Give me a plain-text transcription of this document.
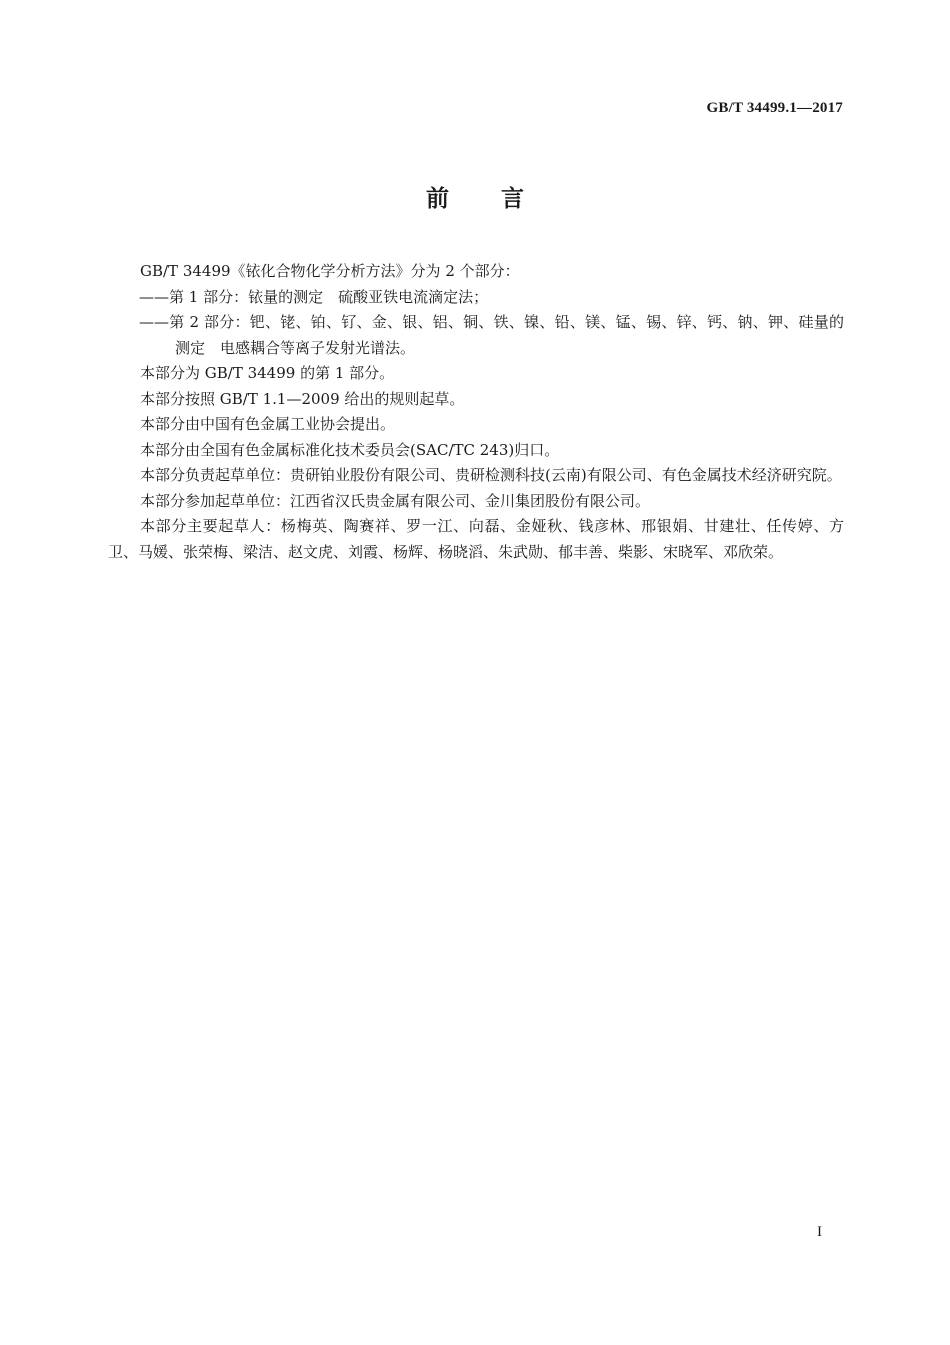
GB/T 34499.1—2017
前言

GB/T 34499《铱化合物化学分析方法》分为 2 个部分：

——第 1 部分：铱量的测定　硫酸亚铁电流滴定法；

——第 2 部分：钯、铑、铂、钌、金、银、铝、铜、铁、镍、铅、镁、锰、锡、锌、钙、钠、钾、硅量的测定　电感耦合等离子发射光谱法。

本部分为 GB/T 34499 的第 1 部分。

本部分按照 GB/T 1.1—2009 给出的规则起草。

本部分由中国有色金属工业协会提出。

本部分由全国有色金属标准化技术委员会(SAC/TC 243)归口。

本部分负责起草单位：贵研铂业股份有限公司、贵研检测科技(云南)有限公司、有色金属技术经济研究院。

本部分参加起草单位：江西省汉氏贵金属有限公司、金川集团股份有限公司。

本部分主要起草人：杨梅英、陶赛祥、罗一江、向磊、金娅秋、钱彦林、邢银娟、甘建壮、任传婷、方卫、马媛、张荣梅、梁洁、赵文虎、刘霞、杨辉、杨晓滔、朱武勋、郁丰善、柴影、宋晓军、邓欣荣。

I
